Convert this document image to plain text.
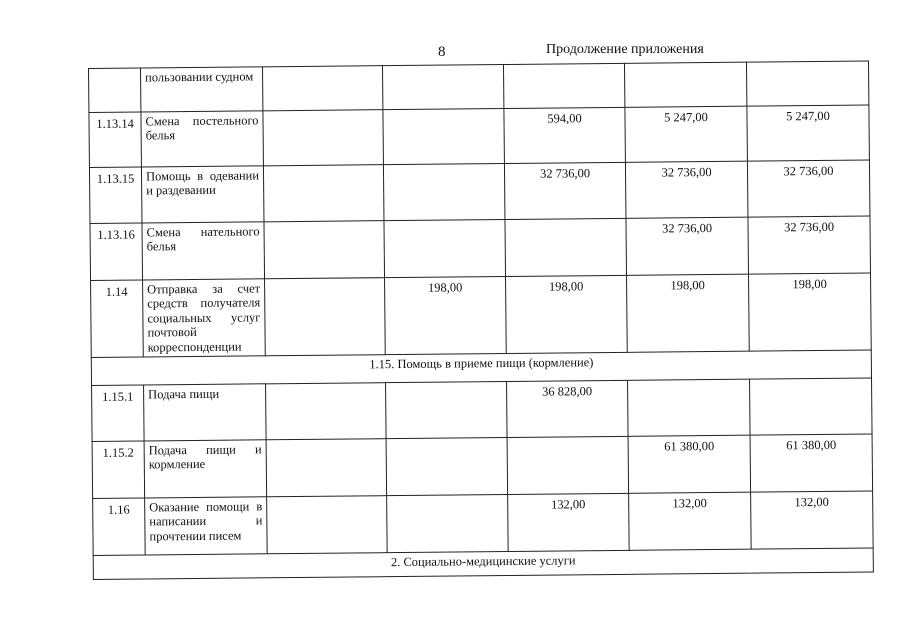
8	Продолжение приложения
	пользовании судном					
1.13.14	Смена постельного белья			594,00	5 247,00	5 247,00
1.13.15	Помощь в одевании и раздевании			32 736,00	32 736,00	32 736,00
1.13.16	Смена нательного белья				32 736,00	32 736,00
1.14	Отправка за счет средств получателя социальных услуг почтовой корреспонденции		198,00	198,00	198,00	198,00
1.15. Помощь в приеме пищи (кормление)						
1.15.1	Подача пищи			36 828,00		
1.15.2	Подача пищи и кормление				61 380,00	61 380,00
1.16	Оказание помощи в написании и прочтении писем			132,00	132,00	132,00
2. Социально-медицинские услуги						
